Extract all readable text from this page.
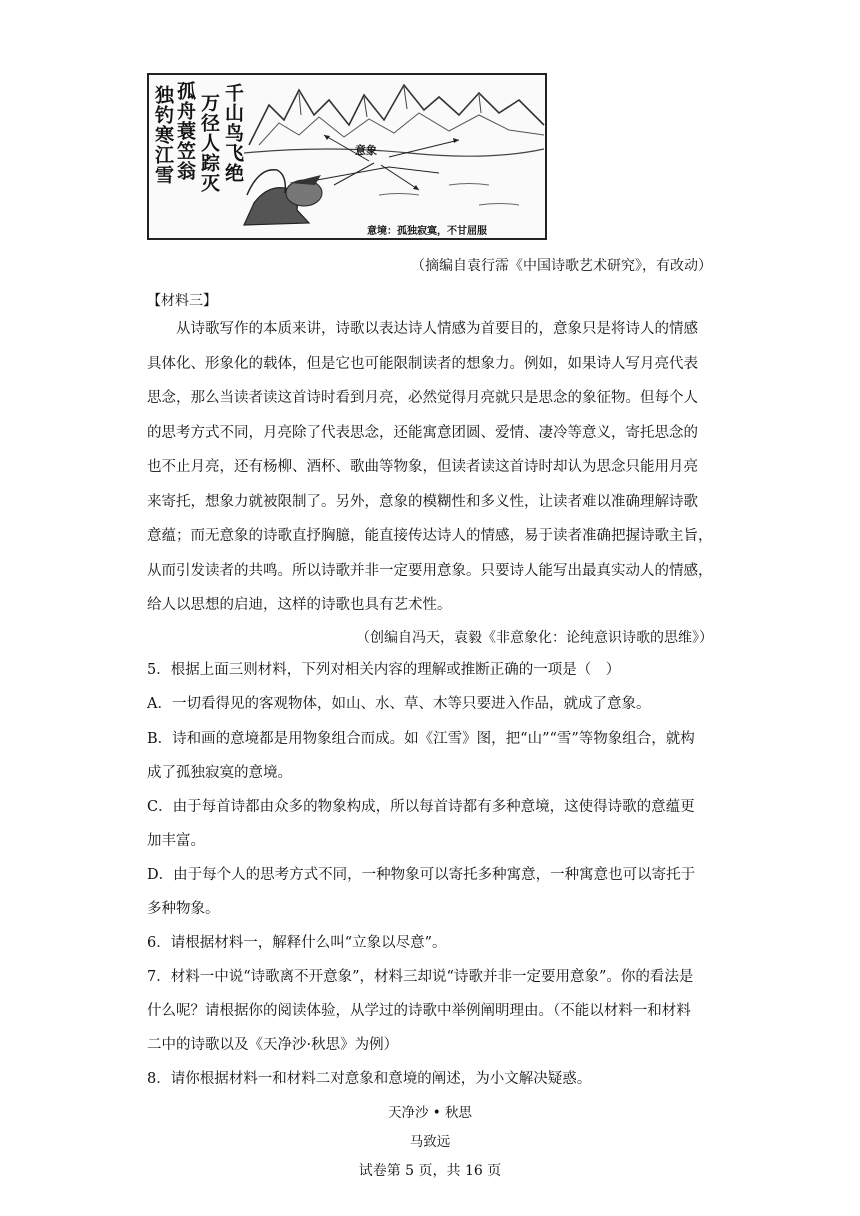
独钓寒江雪 孤舟蓑笠翁 万径人踪灭 千山鸟飞绝	意象
意境：孤独寂寞，不甘屈服
（摘编自袁行霈《中国诗歌艺术研究》，有改动）
【材料三】
从诗歌写作的本质来讲，诗歌以表达诗人情感为首要目的，意象只是将诗人的情感
具体化、形象化的载体，但是它也可能限制读者的想象力。例如，如果诗人写月亮代表
思念，那么当读者读这首诗时看到月亮，必然觉得月亮就只是思念的象征物。但每个人
的思考方式不同，月亮除了代表思念，还能寓意团圆、爱情、凄冷等意义，寄托思念的
也不止月亮，还有杨柳、酒杯、歌曲等物象，但读者读这首诗时却认为思念只能用月亮
来寄托，想象力就被限制了。另外，意象的模糊性和多义性，让读者难以准确理解诗歌
意蕴；而无意象的诗歌直抒胸臆，能直接传达诗人的情感，易于读者准确把握诗歌主旨，
从而引发读者的共鸣。所以诗歌并非一定要用意象。只要诗人能写出最真实动人的情感，
给人以思想的启迪，这样的诗歌也具有艺术性。
（创编自冯天，袁毅《非意象化：论纯意识诗歌的思维》）
5．根据上面三则材料，下列对相关内容的理解或推断正确的一项是（　）
A．一切看得见的客观物体，如山、水、草、木等只要进入作品，就成了意象。
B．诗和画的意境都是用物象组合而成。如《江雪》图，把“山”“雪”等物象组合，就构
成了孤独寂寞的意境。
C．由于每首诗都由众多的物象构成，所以每首诗都有多种意境，这使得诗歌的意蕴更
加丰富。
D．由于每个人的思考方式不同，一种物象可以寄托多种寓意，一种寓意也可以寄托于
多种物象。
6．请根据材料一，解释什么叫“立象以尽意”。
7．材料一中说“诗歌离不开意象”，材料三却说“诗歌并非一定要用意象”。你的看法是
什么呢？请根据你的阅读体验，从学过的诗歌中举例阐明理由。（不能以材料一和材料
二中的诗歌以及《天净沙·秋思》为例）
8．请你根据材料一和材料二对意象和意境的阐述，为小文解决疑惑。
天净沙 • 秋思
马致远
试卷第 5 页，共 16 页
